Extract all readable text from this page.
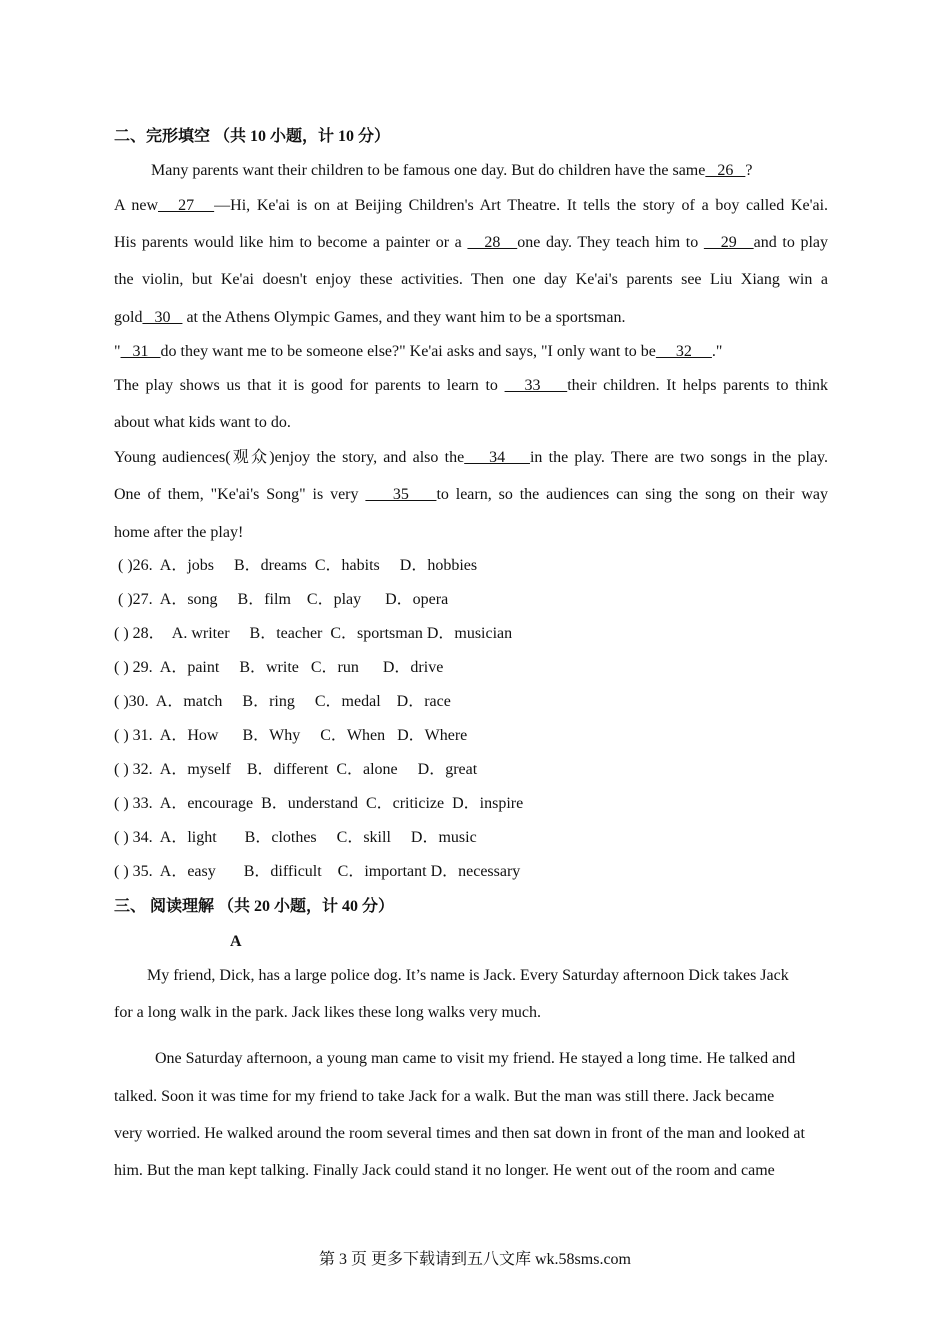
二、完形填空 （共 10 小题，计 10 分）
Many parents want their children to be famous one day. But do children have the same   26   ?
A new   27   —Hi, Ke'ai is on at Beijing Children's Art Theatre. It tells the story of a boy called Ke'ai.
His parents would like him to become a painter or a    28   one day. They teach him to    29   and to play
the violin, but Ke'ai doesn't enjoy these activities. Then one day Ke'ai's parents see Liu Xiang win a
gold   30    at the Athens Olympic Games, and they want him to be a sportsman.
"   31   do they want me to be someone else?" Ke'ai asks and says, "I only want to be     32     ."
The play shows us that it is good for parents to learn to    33    their children. It helps parents to think
about what kids want to do.
Young audiences(观众)enjoy the story, and also the    34    in the play. There are two songs in the play.
One of them, "Ke'ai's Song" is very     35    to learn, so the audiences can sing the song on their way
home after the play!
( )26.  A．jobs     B．dreams  C．habits     D．hobbies
( )27.  A．song     B．film    C．play      D．opera
( ) 28．  A. writer     B．teacher  C．sportsman D．musician
( ) 29.  A．paint     B．write   C．run      D．drive
( )30.  A．match     B．ring     C．medal    D．race
( ) 31.  A．How      B．Why     C．When   D．Where
( ) 32.  A．myself    B．different  C．alone     D．great
( ) 33.  A．encourage  B．understand  C．criticize  D．inspire
( ) 34.  A．light       B．clothes     C．skill     D．music
( ) 35.  A．easy       B．difficult    C．important D．necessary
三、 阅读理解 （共 20 小题，计 40 分）
A
My friend, Dick, has a large police dog. It’s name is Jack. Every Saturday afternoon Dick takes Jack
for a long walk in the park. Jack likes these long walks very much.
One Saturday afternoon, a young man came to visit my friend. He stayed a long time. He talked and
talked. Soon it was time for my friend to take Jack for a walk. But the man was still there. Jack became
very worried. He walked around the room several times and then sat down in front of the man and looked at
him. But the man kept talking. Finally Jack could stand it no longer. He went out of the room and came
第 3 页 更多下载请到五八文库 wk.58sms.com
